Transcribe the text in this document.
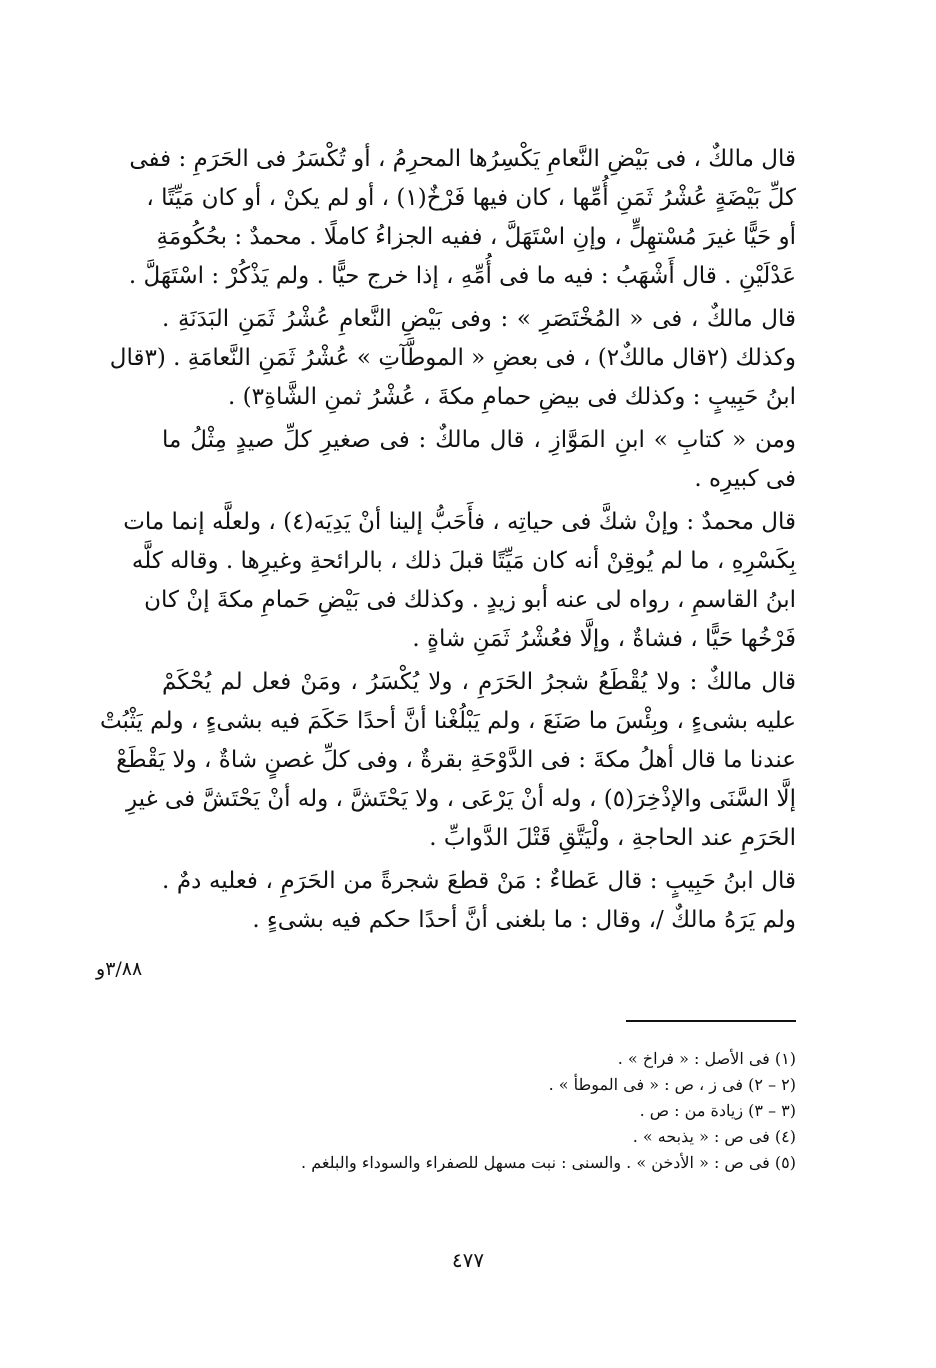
قال مالكٌ ، فى بَيْضِ النَّعامِ يَكْسِرُها المحرِمُ ، أو تُكْسَرُ فى الحَرَمِ : ففى
كلِّ بَيْضَةٍ عُشْرُ ثَمَنِ أُمِّها ، كان فيها فَرْخٌ(١) ، أو لم يكنْ ، أو كان مَيِّتًا ،
أو حَيًّا غيرَ مُسْتهِلٍّ ، وإنِ اسْتَهَلَّ ، ففيه الجزاءُ كاملًا . محمدٌ : بحُكُومَةِ
عَدْلَيْنِ . قال أَشْهَبُ : فيه ما فى أُمِّهِ ، إذا خرج حيًّا . ولم يَذْكُرْ : اسْتَهَلَّ .
قال مالكٌ ، فى « المُخْتَصَرِ » : وفى بَيْضِ النَّعامِ عُشْرُ ثَمَنِ البَدَنَةِ .
وكذلك (٢قال مالكٌ٢) ، فى بعضِ « الموطَّآتِ » عُشْرُ ثَمَنِ النَّعامَةِ . (٣قال
ابنُ حَبِيبٍ : وكذلك فى بيضِ حمامِ مكةَ ، عُشْرُ ثمنِ الشَّاةِ٣) .
ومن « كتابِ » ابنِ المَوَّازِ ، قال مالكٌ : فى صغيرِ كلِّ صيدٍ مِثْلُ ما
فى كبيرِه .
قال محمدٌ : وإنْ شكَّ فى حياتِه ، فأَحَبُّ إلينا أنْ يَدِيَه(٤) ، ولعلَّه إنما مات
بِكَسْرِهِ ، ما لم يُوقِنْ أنه كان مَيِّتًا قبلَ ذلك ، بالرائحةِ وغيرِها . وقاله كلَّه
ابنُ القاسمِ ، رواه لى عنه أبو زيدٍ . وكذلك فى بَيْضِ حَمامِ مكةَ إنْ كان
فَرْخُها حَيًّا ، فشاةٌ ، وإلَّا فعُشْرُ ثَمَنِ شاةٍ .
قال مالكٌ : ولا يُقْطَعُ شجرُ الحَرَمِ ، ولا يُكْسَرُ ، ومَنْ فعل لم يُحْكَمْ
عليه بشىءٍ ، وبِئْسَ ما صَنَعَ ، ولم يَبْلُغْنا أنَّ أحدًا حَكَمَ فيه بشىءٍ ، ولم يَثْبُتْ
عندنا ما قال أهلُ مكةَ : فى الدَّوْحَةِ بقرةٌ ، وفى كلِّ غصنٍ شاةٌ ، ولا يَقْطَعْ
إلَّا السَّنَى والإذْخِرَ(٥) ، وله أنْ يَرْعَى ، ولا يَحْتَشَّ ، وله أنْ يَحْتَشَّ فى غيرِ
الحَرَمِ عند الحاجةِ ، ولْيَتَّقِ قَتْلَ الدَّوابِّ .
قال ابنُ حَبِيبٍ : قال عَطاءٌ : مَنْ قطعَ شجرةً من الحَرَمِ ، فعليه دمٌ .
ولم يَرَهُ مالكٌ /، وقال : ما بلغنى أنَّ أحدًا حكم فيه بشىءٍ .
٣/٨٨و
(١) فى الأصل : « فراخ » .
(٢ – ٢) فى ز ، ص : « فى الموطأ » .
(٣ – ٣) زيادة من : ص .
(٤) فى ص : « يذبحه » .
(٥) فى ص : « الأدخن » . والسنى : نبت مسهل للصفراء والسوداء والبلغم .
٤٧٧
